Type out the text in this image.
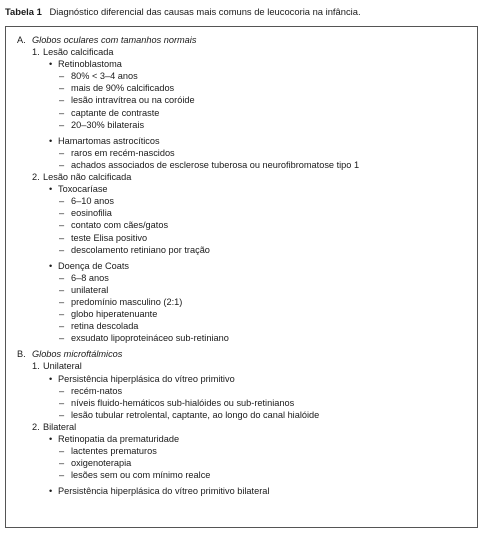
Tabela 1 Diagnóstico diferencial das causas mais comuns de leucocoria na infância.
A. Globos oculares com tamanhos normais
1. Lesão calcificada
• Retinoblastoma
– 80% < 3–4 anos
– mais de 90% calcificados
– lesão intravítrea ou na coróide
– captante de contraste
– 20–30% bilaterais
• Hamartomas astrocíticos
– raros em recém-nascidos
– achados associados de esclerose tuberosa ou neurofibromatose tipo 1
2. Lesão não calcificada
• Toxocaríase
– 6–10 anos
– eosinofilia
– contato com cães/gatos
– teste Elisa positivo
– descolamento retiniano por tração
• Doença de Coats
– 6–8 anos
– unilateral
– predomínio masculino (2:1)
– globo hiperatenuante
– retina descolada
– exsudato lipoproteináceo sub-retiniano
B. Globos microftálmicos
1. Unilateral
• Persistência hiperplásica do vítreo primitivo
– recém-natos
– níveis fluido-hemáticos sub-hialóides ou sub-retinianos
– lesão tubular retrolental, captante, ao longo do canal hialóide
2. Bilateral
• Retinopatia da prematuridade
– lactentes prematuros
– oxigenoterapia
– lesões sem ou com mínimo realce
• Persistência hiperplásica do vítreo primitivo bilateral
